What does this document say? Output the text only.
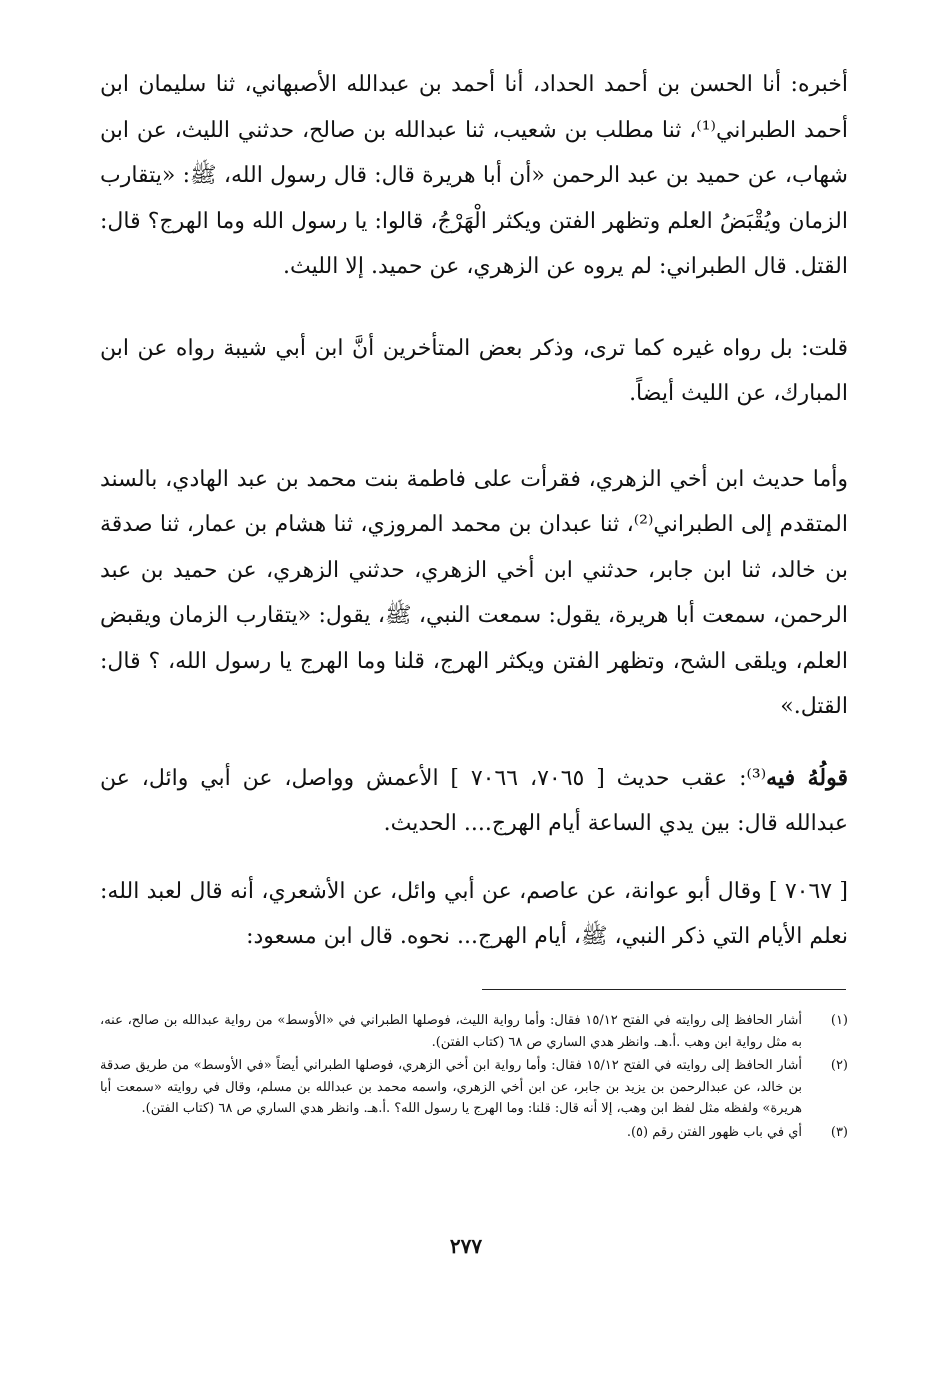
أخبره: أنا الحسن بن أحمد الحداد، أنا أحمد بن عبدالله الأصبهاني، ثنا سليمان ابن أحمد الطبراني⁽¹⁾، ثنا مطلب بن شعيب، ثنا عبدالله بن صالح، حدثني الليث، عن ابن شهاب، عن حميد بن عبد الرحمن «أن أبا هريرة قال: قال رسول الله، ﷺ: «يتقارب الزمان ويُقْبَضُ العلم وتظهر الفتن ويكثر الْهَرْجُ، قالوا: يا رسول الله وما الهرج؟ قال: القتل. قال الطبراني: لم يروه عن الزهري، عن حميد. إلا الليث.

قلت: بل رواه غيره كما ترى، وذكر بعض المتأخرين أنَّ ابن أبي شيبة رواه عن ابن المبارك، عن الليث أيضاً.

وأما حديث ابن أخي الزهري، فقرأت على فاطمة بنت محمد بن عبد الهادي، بالسند المتقدم إلى الطبراني⁽²⁾، ثنا عبدان بن محمد المروزي، ثنا هشام بن عمار، ثنا صدقة بن خالد، ثنا ابن جابر، حدثني ابن أخي الزهري، حدثني الزهري، عن حميد بن عبد الرحمن، سمعت أبا هريرة، يقول: سمعت النبي، ﷺ، يقول: «يتقارب الزمان ويقبض العلم، ويلقى الشح، وتظهر الفتن ويكثر الهرج، قلنا وما الهرج يا رسول الله، ؟ قال: القتل.»

قولُهُ فيه⁽³⁾: عقب حديث [ ٧٠٦٥، ٧٠٦٦ ] الأعمش وواصل، عن أبي وائل، عن عبدالله قال: بين يدي الساعة أيام الهرج.... الحديث.

[ ٧٠٦٧ ] وقال أبو عوانة، عن عاصم، عن أبي وائل، عن الأشعري، أنه قال لعبد الله: نعلم الأيام التي ذكر النبي، ﷺ، أيام الهرج... نحوه. قال ابن مسعود:

(١)
أشار الحافظ إلى روايته في الفتح ١٥/١٢ فقال: وأما رواية الليث، فوصلها الطبراني في «الأوسط» من رواية عبدالله بن صالح، عنه، به مثل رواية ابن وهب .أ.هـ. وانظر هدي الساري ص ٦٨ (كتاب الفتن).
(٢)
أشار الحافظ إلى روايته في الفتح ١٥/١٢ فقال: وأما رواية ابن أخي الزهري، فوصلها الطبراني أيضاً «في الأوسط» من طريق صدقة بن خالد، عن عبدالرحمن بن يزيد بن جابر، عن ابن أخي الزهري، واسمه محمد بن عبدالله بن مسلم، وقال في روايته «سمعت أبا هريرة» ولفظه مثل لفظ ابن وهب، إلا أنه قال: قلنا: وما الهرج يا رسول الله؟ .أ.هـ. وانظر هدي الساري ص ٦٨ (كتاب الفتن).
(٣)
أي في باب ظهور الفتن رقم (٥).
٢٧٧
